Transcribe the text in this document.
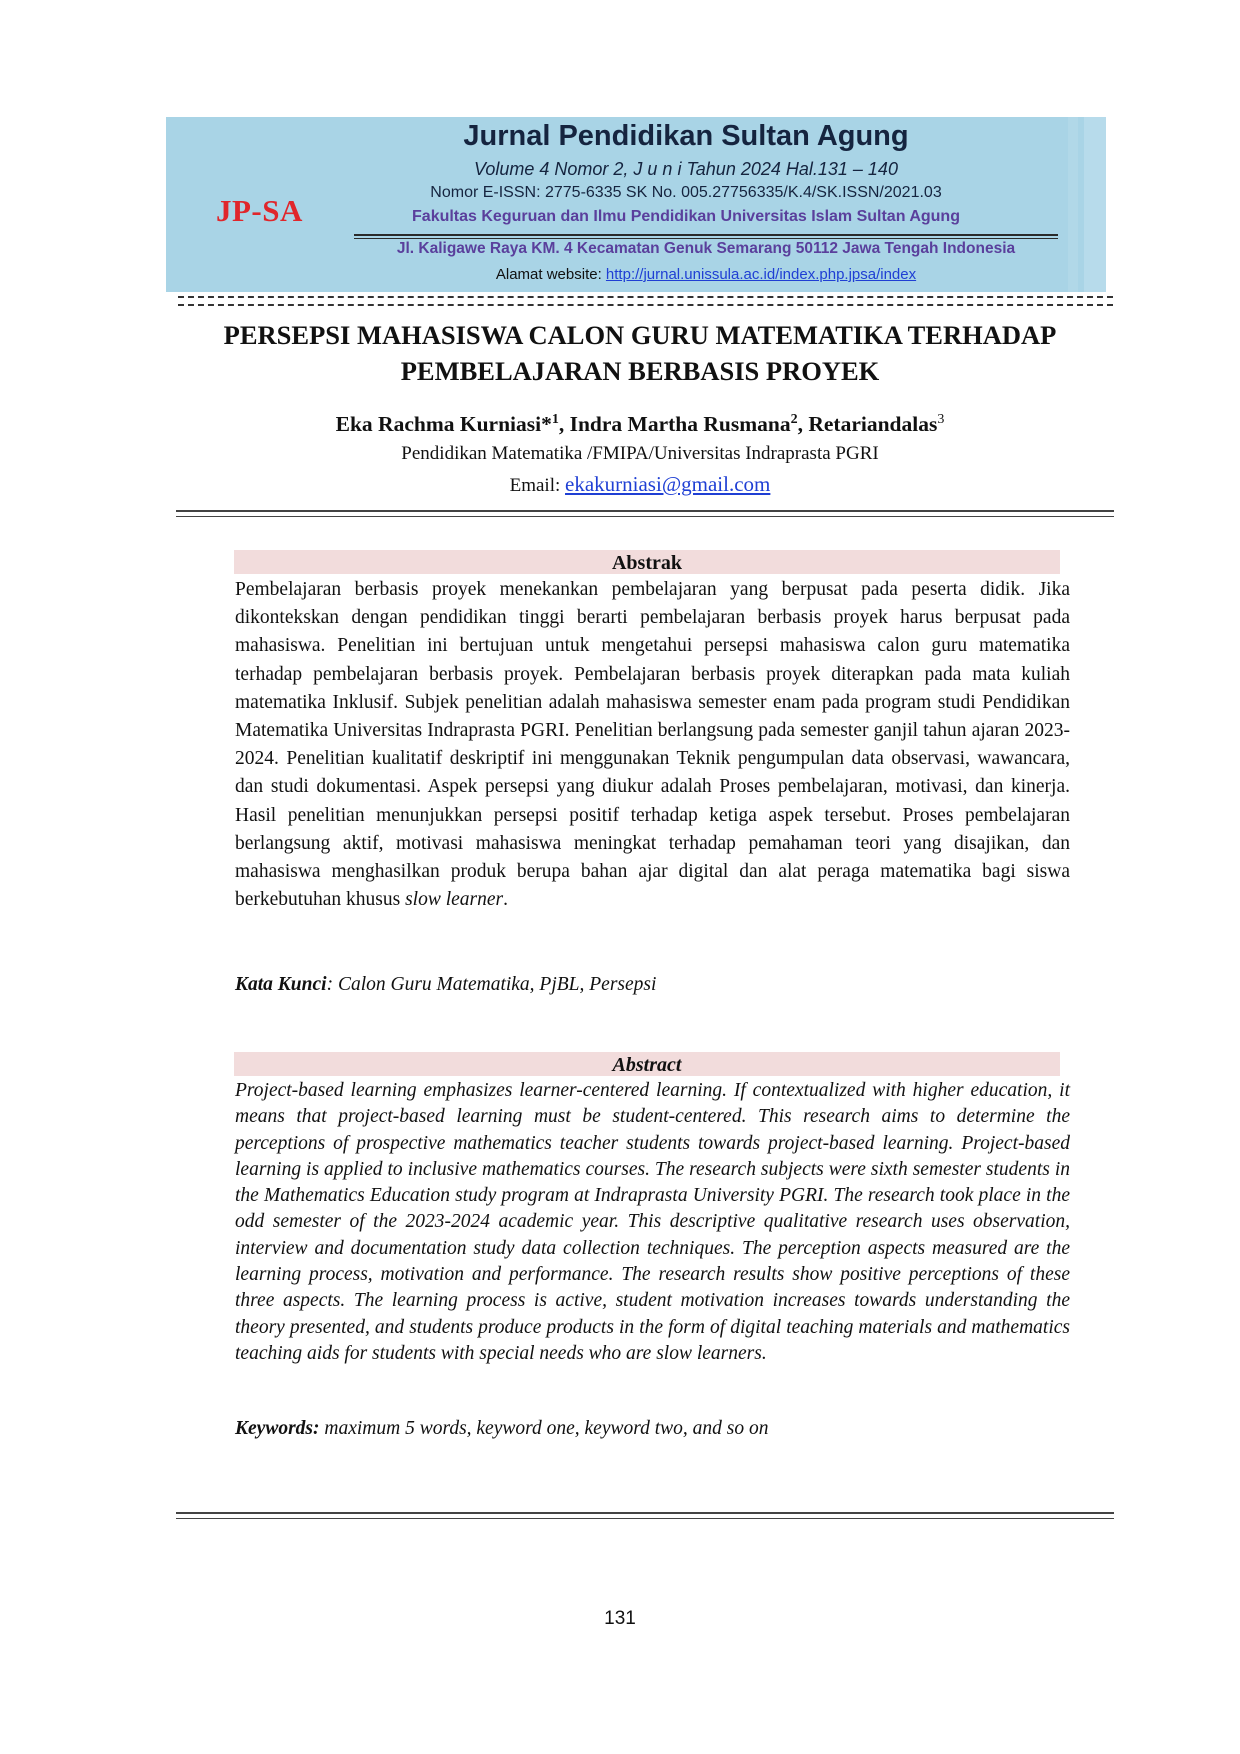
JP-SA
Jurnal Pendidikan Sultan Agung
Volume 4 Nomor 2, J u n i Tahun 2024 Hal.131 – 140
Nomor E-ISSN: 2775-6335 SK No. 005.27756335/K.4/SK.ISSN/2021.03
Fakultas Keguruan dan Ilmu Pendidikan Universitas Islam Sultan Agung
Jl. Kaligawe Raya KM. 4 Kecamatan Genuk Semarang 50112 Jawa Tengah Indonesia
Alamat website: http://jurnal.unissula.ac.id/index.php.jpsa/index
PERSEPSI MAHASISWA CALON GURU MATEMATIKA TERHADAP
PEMBELAJARAN BERBASIS PROYEK
Eka Rachma Kurniasi*$^1$, Indra Martha Rusmana$^2$, Retariandalas$^3$
Pendidikan Matematika /FMIPA/Universitas Indraprasta PGRI
Email: ekakurniasi@gmail.com
Abstrak
Pembelajaran berbasis proyek menekankan pembelajaran yang berpusat pada peserta didik. Jika dikontekskan dengan pendidikan tinggi berarti pembelajaran berbasis proyek harus berpusat pada mahasiswa. Penelitian ini bertujuan untuk mengetahui persepsi mahasiswa calon guru matematika terhadap pembelajaran berbasis proyek. Pembelajaran berbasis proyek diterapkan pada mata kuliah matematika Inklusif. Subjek penelitian adalah mahasiswa semester enam pada program studi Pendidikan Matematika Universitas Indraprasta PGRI. Penelitian berlangsung pada semester ganjil tahun ajaran 2023-2024. Penelitian kualitatif deskriptif ini menggunakan Teknik pengumpulan data observasi, wawancara, dan studi dokumentasi. Aspek persepsi yang diukur adalah Proses pembelajaran, motivasi, dan kinerja. Hasil penelitian menunjukkan persepsi positif terhadap ketiga aspek tersebut. Proses pembelajaran berlangsung aktif, motivasi mahasiswa meningkat terhadap pemahaman teori yang disajikan, dan mahasiswa menghasilkan produk berupa bahan ajar digital dan alat peraga matematika bagi siswa berkebutuhan khusus slow learner.
Kata Kunci: Calon Guru Matematika, PjBL, Persepsi
Abstract
Project-based learning emphasizes learner-centered learning. If contextualized with higher education, it means that project-based learning must be student-centered. This research aims to determine the perceptions of prospective mathematics teacher students towards project-based learning. Project-based learning is applied to inclusive mathematics courses. The research subjects were sixth semester students in the Mathematics Education study program at Indraprasta University PGRI. The research took place in the odd semester of the 2023-2024 academic year. This descriptive qualitative research uses observation, interview and documentation study data collection techniques. The perception aspects measured are the learning process, motivation and performance. The research results show positive perceptions of these three aspects. The learning process is active, student motivation increases towards understanding the theory presented, and students produce products in the form of digital teaching materials and mathematics teaching aids for students with special needs who are slow learners.
Keywords: maximum 5 words, keyword one, keyword two, and so on
131
